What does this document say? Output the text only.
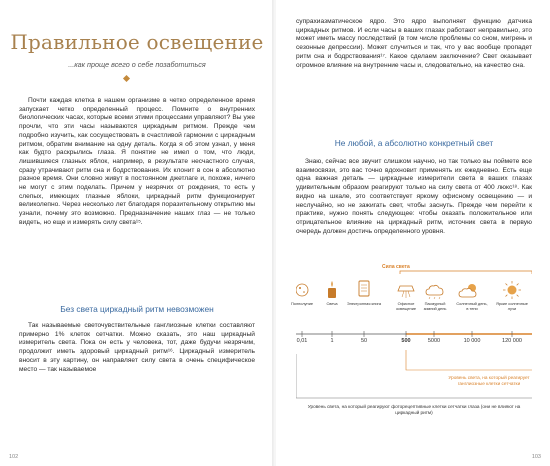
Правильное освещение
...как проще всего о себе позаботиться

Почти каждая клетка в нашем организме в четко определенное время запускает четко определенный процесс. Помните о внутренних биологических часах, которые всеми этими процессами управляют? Вы уже прочли, что эти часы называются циркадным ритмом. Прежде чем подробно изучить, как сосуществовать в счастливой гармонии с циркадным ритмом, обратим внимание на одну деталь. Когда я об этом узнал, у меня как будто раскрылись глаза. Я понятие не имел о том, что люди, лишившиеся глазных яблок, например, в результате несчастного случая, сразу утрачивают ритм сна и бодрствования. Их клонит в сон в абсолютно разное время. Они словно живут в постоянном джетлаге и, похоже, ничего не могут с этим поделать. Причем у незрячих от рождения, то есть у слепых, имеющих глазные яблоки, циркадный ритм функционирует великолепно. Через несколько лет благодаря поразительному открытию мы узнали, почему это возможно. Предназначение наших глаз — не только видеть, но еще и измерять силу света¹⁵.

Без света циркадный ритм невозможен

Так называемые светочувствительные ганглиозные клетки составляют примерно 1% клеток сетчатки. Можно сказать, это наш циркадный измеритель света. Пока он есть у человека, тот, даже будучи незрячим, продолжит иметь здоровый циркадный ритм¹⁶. Циркадный измеритель вносит в эту картину, он направляет силу света в очень специфическое место — так называемое

102

супрахиазматическое ядро. Это ядро выполняет функцию датчика циркадных ритмов. И если часы в ваших глазах работают неправильно, это может иметь массу последствий (в том числе проблемы со сном, мигрень и сезонные депрессии). Может случиться и так, что у вас вообще пропадет ритм сна и бодрствования¹⁷. Какое сделаем заключение? Свет оказывает огромное влияние на внутренние часы и, следовательно, на качество сна.

Не любой, а абсолютно конкретный свет

Знаю, сейчас все звучит слишком научно, но так только вы поймете все взаимосвязи, это вас точно вдохновит применять их ежедневно. Есть еще одна важная деталь — циркадные измерители света в ваших глазах удивительным образом реагируют только на силу света от 400 люкс¹⁸. Как видно на шкале, это соответствует яркому офисному освещению — и неслучайно, но не зажигать свет, чтобы заснуть. Прежде чем перейти к практике, нужно понять следующее: чтобы оказать положительное или отрицательное влияние на циркадный ритм, источник света в первую очередь должен достичь определенного уровня.

Сила света
Полнолуние	Свеча	Электронная книга	Офисное освещение
Пасмурный зимний день
Солнечный день, в тени
Яркие солнечные лучи
0,01	1	50	500	5000	10 000	120 000
Уровень света, на который реагирует ганглиозные клетки сетчатки
Уровень света, на который реагируют фоторецептивные клетки сетчатки глаза (они не влияют на циркадный ритм)
103
